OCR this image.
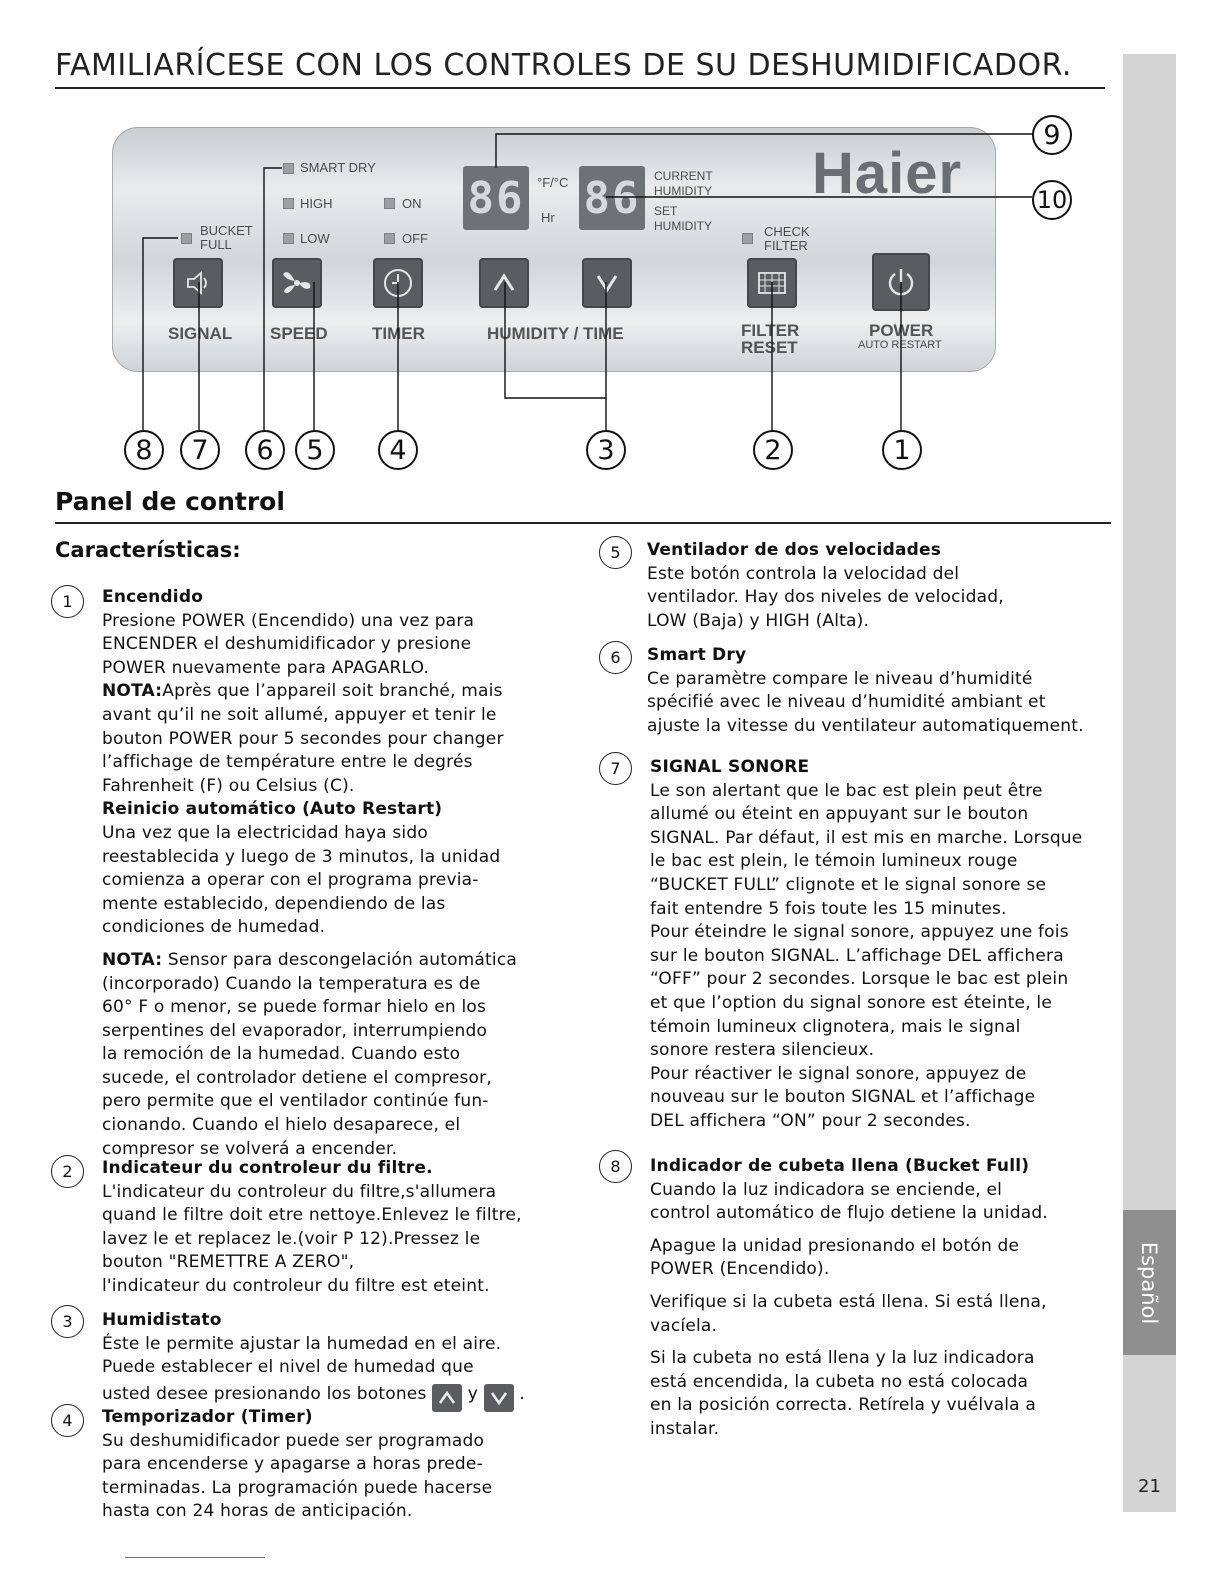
FAMILIARÍCESE CON LOS CONTROLES DE SU DESHUMIDIFICADOR.
Español
21
SMART DRY
HIGH
LOW
ON
OFF
BUCKET
FULL
86 °F/°C
Hr 86	CURRENT
HUMIDITY
SET
HUMIDITY	CHECK
FILTER
Haier
SIGNAL SPEED	TIMER	HUMIDITY / TIME	FILTER
RESET
POWER
AUTO RESTART
8	7	6	5	4	3	2	1
9
10
Panel de control
Características:
1	Encendido

Presione POWER (Encendido) una vez para

ENCENDER el deshumidificador y presione

POWER nuevamente para APAGARLO.

NOTA:Après que l’appareil soit branché, mais

avant qu’il ne soit allumé, appuyer et tenir le

bouton POWER pour 5 secondes pour changer

l’affichage de température entre le degrés

Fahrenheit (F) ou Celsius (C).

Reinicio automático (Auto Restart)

Una vez que la electricidad haya sido

reestablecida y luego de 3 minutos, la unidad

comienza a operar con el programa previa-

mente establecido, dependiendo de las

condiciones de humedad.

NOTA: Sensor para descongelación automática

(incorporado) Cuando la temperatura es de

60° F o menor, se puede formar hielo en los

serpentines del evaporador, interrumpiendo

la remoción de la humedad. Cuando esto

sucede, el controlador detiene el compresor,

pero permite que el ventilador continúe fun-

cionando. Cuando el hielo desaparece, el

compresor se volverá a encender.

2	Indicateur du controleur du filtre.

L'indicateur du controleur du filtre,s'allumera

quand le filtre doit etre nettoye.Enlevez le filtre,

lavez le et replacez le.(voir P 12).Pressez le

bouton "REMETTRE A ZERO",

l'indicateur du controleur du filtre est eteint.

3	Humidistato

Éste le permite ajustar la humedad en el aire.

Puede establecer el nivel de humedad que

usted desee presionando los botones y .

4	Temporizador (Timer)

Su deshumidificador puede ser programado

para encenderse y apagarse a horas prede-

terminadas. La programación puede hacerse

hasta con 24 horas de anticipación.

5	Ventilador de dos velocidades

Este botón controla la velocidad del

ventilador. Hay dos niveles de velocidad,

LOW (Baja) y HIGH (Alta).

6	Smart Dry

Ce paramètre compare le niveau d’humidité

spécifié avec le niveau d’humidité ambiant et

ajuste la vitesse du ventilateur automatiquement.

7	SIGNAL SONORE

Le son alertant que le bac est plein peut être

allumé ou éteint en appuyant sur le bouton

SIGNAL. Par défaut, il est mis en marche. Lorsque

le bac est plein, le témoin lumineux rouge

“BUCKET FULL” clignote et le signal sonore se

fait entendre 5 fois toute les 15 minutes.

Pour éteindre le signal sonore, appuyez une fois

sur le bouton SIGNAL. L’affichage DEL affichera

“OFF” pour 2 secondes. Lorsque le bac est plein

et que l’option du signal sonore est éteinte, le

témoin lumineux clignotera, mais le signal

sonore restera silencieux.

Pour réactiver le signal sonore, appuyez de

nouveau sur le bouton SIGNAL et l’affichage

DEL affichera “ON” pour 2 secondes.

8	Indicador de cubeta llena (Bucket Full)

Cuando la luz indicadora se enciende, el

control automático de flujo detiene la unidad.

Apague la unidad presionando el botón de

POWER (Encendido).

Verifique si la cubeta está llena. Si está llena,

vacíela.

Si la cubeta no está llena y la luz indicadora

está encendida, la cubeta no está colocada

en la posición correcta. Retírela y vuélvala a

instalar.
